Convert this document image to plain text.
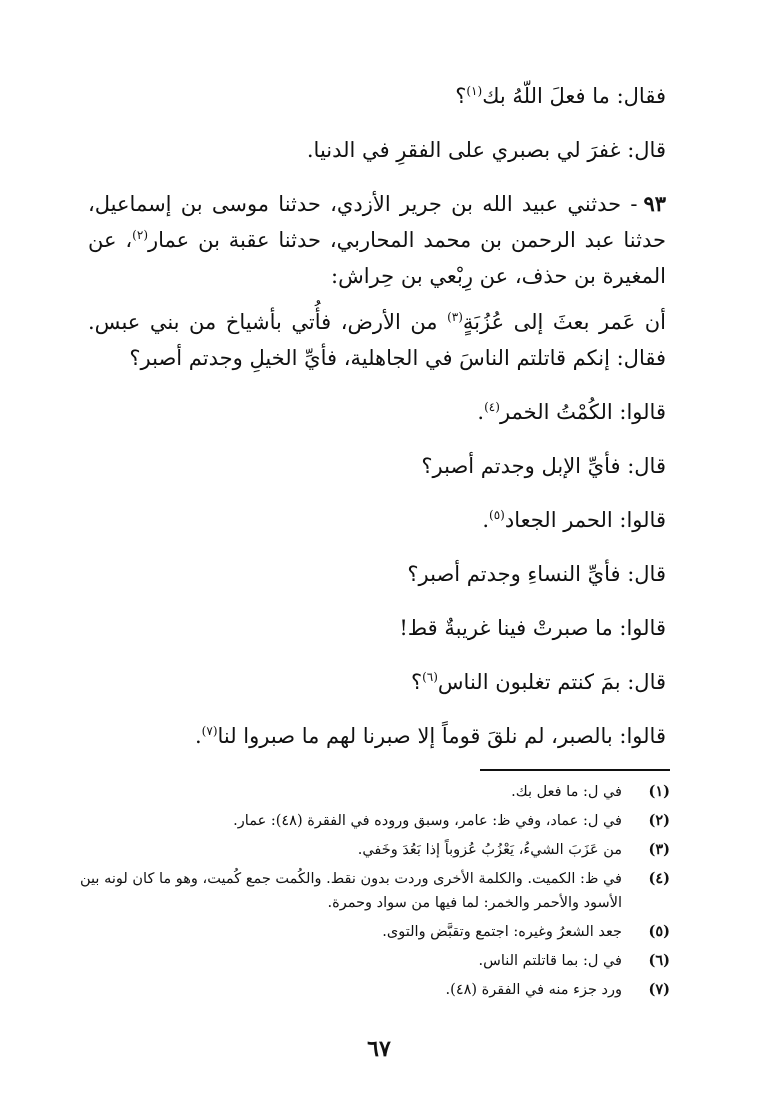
فقال: ما فعلَ اللّهُ بك$^{(١)}$؟

قال: غفرَ لي بصبري على الفقرِ في الدنيا.

٩٣- حدثني عبيد الله بن جرير الأزدي، حدثنا موسى بن إسماعيل، حدثنا عبد الرحمن بن محمد المحاربي، حدثنا عقبة بن عمار$^{(٢)}$، عن المغيرة بن حذف، عن رِبْعي بن حِراش:

أن عَمر بعثَ إلى عُزُبَةٍ$^{(٣)}$ من الأرض، فأُتي بأشياخ من بني عبس. فقال: إنكم قاتلتم الناسَ في الجاهلية، فأيِّ الخيلِ وجدتم أصبر؟

قالوا: الكُمْتُ الخمر$^{(٤)}$.

قال: فأيِّ الإبل وجدتم أصبر؟

قالوا: الحمر الجعاد$^{(٥)}$.

قال: فأيِّ النساءِ وجدتم أصبر؟

قالوا: ما صبرتْ فينا غريبةٌ قط!

قال: بمَ كنتم تغلبون الناس$^{(٦)}$؟

قالوا: بالصبر، لم نلقَ قوماً إلا صبرنا لهم ما صبروا لنا$^{(٧)}$.

(١)
في ل: ما فعل بك.
(٢)
في ل: عماد، وفي ظ: عامر، وسبق وروده في الفقرة (٤٨): عمار.
(٣)
من عَزَبَ الشيءُ، يَعْزُبُ عُزوباً إذا بَعُدَ وخَفي.
(٤)
في ظ: الكميت. والكلمة الأخرى وردت بدون نقط. والكُمت جمع كُميت، وهو ما كان لونه بين الأسود والأحمر والخمر: لما فيها من سواد وحمرة.
(٥)
جعد الشعرُ وغيره: اجتمع وتقبَّض والتوى.
(٦)
في ل: بما قاتلتم الناس.
(٧)
ورد جزء منه في الفقرة (٤٨).
٦٧
